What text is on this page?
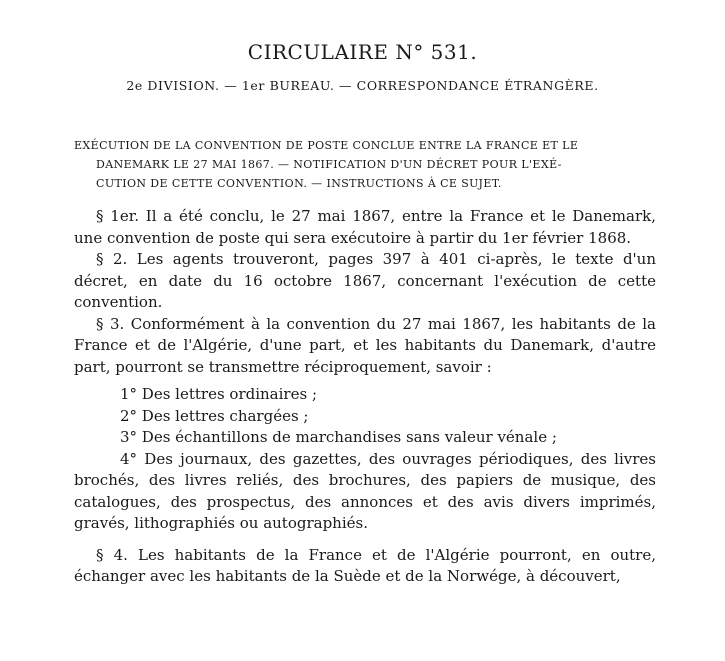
CIRCULAIRE N° 531.
2e DIVISION. — 1er BUREAU. — CORRESPONDANCE ÉTRANGÈRE.
EXÉCUTION DE LA CONVENTION DE POSTE CONCLUE ENTRE LA FRANCE ET LE
DANEMARK LE 27 MAI 1867. — NOTIFICATION D'UN DÉCRET POUR L'EXÉ-
CUTION DE CETTE CONVENTION. — INSTRUCTIONS À CE SUJET.

§ 1er. Il a été conclu, le 27 mai 1867, entre la France et le Danemark, une convention de poste qui sera exécutoire à partir du 1er février 1868.

§ 2. Les agents trouveront, pages 397 à 401 ci-après, le texte d'un décret, en date du 16 octobre 1867, concernant l'exécution de cette convention.

§ 3. Conformément à la convention du 27 mai 1867, les habitants de la France et de l'Algérie, d'une part, et les habitants du Danemark, d'autre part, pourront se transmettre réciproquement, savoir :

1° Des lettres ordinaires ;
2° Des lettres chargées ;
3° Des échantillons de marchandises sans valeur vénale ;

4° Des journaux, des gazettes, des ouvrages périodiques, des livres brochés, des livres reliés, des brochures, des papiers de musique, des catalogues, des prospectus, des annonces et des avis divers imprimés, gravés, lithographiés ou autographiés.

§ 4. Les habitants de la France et de l'Algérie pourront, en outre, échanger avec les habitants de la Suède et de la Norwége, à découvert,
